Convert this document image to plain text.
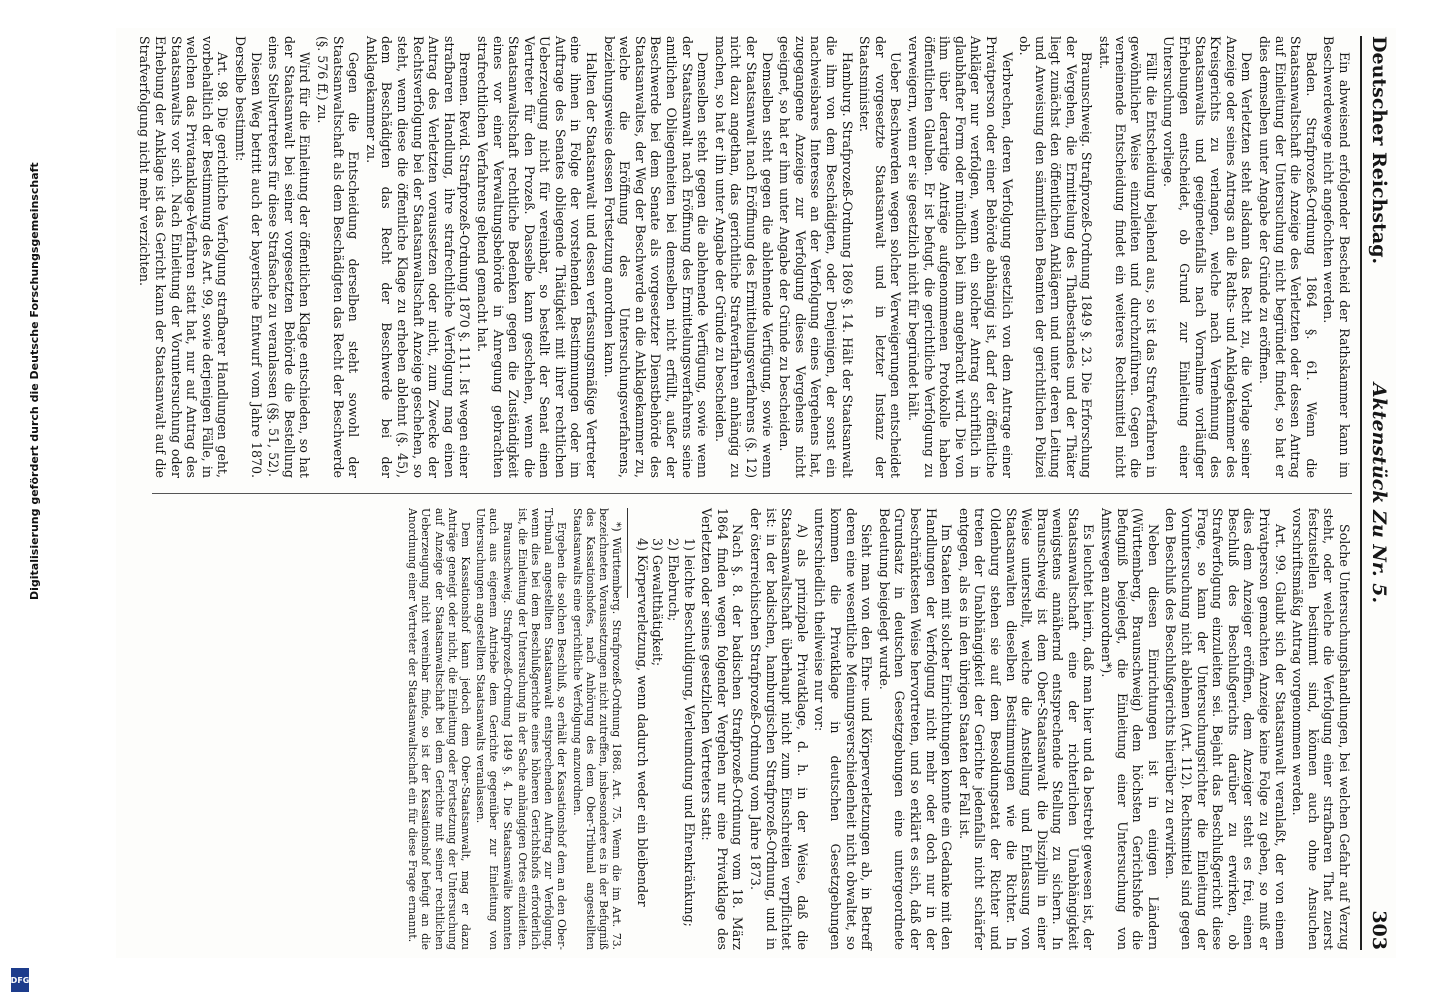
Deutscher Reichstag.
Aktenstück Zu Nr. 5.
303

Ein abweisend erfolgender Bescheid der Rathskammer kann im Beschwerdewege nicht angefochten werden.

Baden. Strafprozeß-Ordnung 1864 §. 61. Wenn die Staatsanwaltschaft die Anzeige des Verletzten oder dessen Antrag auf Einleitung der Untersuchung nicht begründet findet, so hat er dies demselben unter Angabe der Gründe zu eröffnen.

Dem Verletzten steht alsdann das Recht zu, die Vorlage seiner Anzeige oder seines Antrags an die Raths- und Anklagekammer des Kreisgerichts zu verlangen, welche nach Vernehmung des Staatsanwalts und geeignetenfalls nach Vornahme vorläufiger Erhebungen entscheidet, ob Grund zur Einleitung einer Untersuchung vorliege.

Fällt die Entscheidung bejahend aus, so ist das Strafverfahren in gewöhnlicher Weise einzuleiten und durchzuführen. Gegen die verneinende Entscheidung findet ein weiteres Rechtsmittel nicht statt.

Braunschweig. Strafprozeß-Ordnung 1849 §. 23. Die Erforschung der Vergehen, die Ermittelung des Thatbestandes und der Thäter liegt zunächst den öffentlichen Anklägern und unter deren Leitung und Anweisung den sämmtlichen Beamten der gerichtlichen Polizei ob.

Verbrechen, deren Verfolgung gesetzlich von dem Antrage einer Privatperson oder einer Behörde abhängig ist, darf der öffentliche Ankläger nur verfolgen, wenn ein solcher Antrag schriftlich in glaubhafter Form oder mündlich bei ihm angebracht wird. Die von ihm über derartige Anträge aufgenommenen Protokolle haben öffentlichen Glauben. Er ist befugt, die gerichtliche Verfolgung zu verweigern, wenn er sie gesetzlich nicht für begründet hält.

Ueber Beschwerden wegen solcher Verweigerungen entscheidet der vorgesetzte Staatsanwalt und in letzter Instanz der Staatsminister.

Hamburg. Strafprozeß-Ordnung 1869 §. 14. Hält der Staatsanwalt die ihm von dem Beschädigten, oder Denjenigen, der sonst ein nachweisbares Interesse an der Verfolgung eines Vergehens hat, zugegangene Anzeige zur Verfolgung dieses Vergehens nicht geeignet, so hat er ihm unter Angabe der Gründe zu bescheiden.

Demselben steht gegen die ablehnende Verfügung, sowie wenn der Staatsanwalt nach Eröffnung des Ermittelungsverfahrens (§. 12) nicht dazu angethan, das gerichtliche Strafverfahren anhängig zu machen, so hat er ihn unter Angabe der Gründe zu bescheiden.

Demselben steht gegen die ablehnende Verfügung, sowie wenn der Staatsanwalt nach Eröffnung des Ermittelungsverfahrens seine amtlichen Obliegenheiten bei demselben nicht erfüllt, außer der Beschwerde bei dem Senate als vorgesetzter Dienstbehörde des Staatsanwaltes, der Weg der Beschwerde an die Anklagekammer zu, welche die Eröffnung des Untersuchungsverfahrens, beziehungsweise dessen Fortsetzung anordnen kann.

Halten der Staatsanwalt und dessen verfassungsmäßige Vertreter eine ihnen in Folge der vorstehenden Bestimmungen oder im Auftrage des Senates obliegende Thätigkeit mit ihrer rechtlichen Ueberzeugung nicht für vereinbar, so bestellt der Senat einen Vertreter für den Prozeß. Dasselbe kann geschehen, wenn die Staatsanwaltschaft rechtliche Bedenken gegen die Zuständigkeit eines vor einer Verwaltungsbehörde in Anregung gebrachten strafrechtlichen Verfahrens geltend gemacht hat.

Bremen. Revid. Strafprozeß-Ordnung 1870 §. 111. Ist wegen einer strafbaren Handlung, ihre strafrechtliche Verfolgung mag einen Antrag des Verletzten voraussetzen oder nicht, zum Zwecke der Rechtsverfolgung bei der Staatsanwaltschaft Anzeige geschehen, so steht, wenn diese die öffentliche Klage zu erheben ablehnt (§. 45), dem Beschädigten das Recht der Beschwerde bei der Anklagekammer zu.

Gegen die Entscheidung derselben steht sowohl der Staatsanwaltschaft als dem Beschädigten das Recht der Beschwerde (§. 576 ff.) zu.

Wird für die Einleitung der öffentlichen Klage entschieden, so hat der Staatsanwalt bei seiner vorgesetzten Behörde die Bestellung eines Stellvertreters für diese Strafsache zu veranlassen (§§. 51, 52).

Diesen Weg betritt auch der bayerische Entwurf vom Jahre 1870. Derselbe bestimmt:

Art. 98. Die gerichtliche Verfolgung strafbarer Handlungen geht, vorbehaltlich der Bestimmung des Art. 99, sowie derjenigen Fälle, in welchen das Privatanklage-Verfahren statt hat, nur auf Antrag des Staatsanwalts vor sich. Nach Einleitung der Voruntersuchung oder Erhebung der Anklage ist das Gericht kann der Staatsanwalt auf die Strafverfolgung nicht mehr verzichten.

Solche Untersuchungshandlungen, bei welchen Gefahr auf Verzug steht, oder welche die Verfolgung einer strafbaren That zuerst festzustellen bestimmt sind, können auch ohne Ansuchen vorschriftsmäßig Antrag vorgenommen werden.

Art. 99. Glaubt sich der Staatsanwalt veranlaßt, der von einem Privatperson gemachten Anzeige keine Folge zu geben, so muß er dies dem Anzeiger eröffnen, dem Anzeiger steht es frei, einen Beschluß des Beschlußgerichts darüber zu erwirken, ob Strafverfolgung einzuleiten sei. Bejaht das Beschlußgericht diese Frage, so kann der Untersuchungsrichter die Einleitung der Voruntersuchung nicht ablehnen (Art. 112). Rechtsmittel sind gegen den Beschluß des Beschlußgerichts hierüber zu erwirken.

Neben diesen Einrichtungen ist in einigen Ländern (Württemberg, Braunschweig) dem höchsten Gerichtshofe die Befugniß beigelegt, die Einleitung einer Untersuchung von Amtswegen anzuordnen*).

Es leuchtet hierin, daß man hier und da bestrebt gewesen ist, der Staatsanwaltschaft eine der richterlichen Unabhängigkeit wenigstens annähernd entsprechende Stellung zu sichern. In Braunschweig ist dem Ober-Staatsanwalt die Disziplin in einer Weise unterstellt, welche die Anstellung und Entlassung von Staatsanwalten dieselben Bestimmungen wie die Richter. In Oldenburg stehen sie auf dem Besoldungsetat der Richter und treten der Unabhängigkeit der Gerichte jedenfalls nicht schärfer entgegen, als es in den übrigen Staaten der Fall ist.

Im Staaten mit solcher Einrichtungen konnte ein Gedanke mit den Handlungen der Verfolgung nicht mehr oder doch nur in der beschränktesten Weise hervortreten, und so erklärt es sich, daß der Grundsatz in deutschen Gesetzgebungen eine untergeordnete Bedeutung beigelegt wurde.

Sieht man von den Ehre- und Körperverletzungen ab, in Betreff deren eine wesentliche Meinungsverschiedenheit nicht obwaltet, so kommen die Privatklage in deutschen Gesetzgebungen unterschiedlich theilweise nur vor:

A) als prinzipale Privatklage, d. h. in der Weise, daß die Staatsanwaltschaft überhaupt nicht zum Einschreiten verpflichtet ist: in der badischen, hamburgischen Strafprozeß-Ordnung, und in der österreichischen Strafprozeß-Ordnung vom Jahre 1873.

Nach §. 8. der badischen Strafprozeß-Ordnung vom 18. März 1864 finden wegen folgender Vergehen nur eine Privatklage des Verletzten oder seines gesetzlichen Vertreters statt:

1) leichte Beschuldigung, Verleumdung und Ehrenkränkung;
2) Ehebruch;
3) Gewaltthätigkeit;
4) Körperverletzung, wenn dadurch weder ein bleibender

*) Württemberg. Strafprozeß-Ordnung 1868. Art. 75. Wenn die im Art. 73. bezeichneten Voraussetzungen nicht zutreffen, insbesondere es in der Befugniß des Kassationshofes, nach Anhörung des dem Ober-Tribunal angestellten Staatsanwalts eine gerichtliche Verfolgung anzuordnen.

Ergeben die solchen Beschluß, so erhält der Kassationshof dem an den Ober-Tribunal angestellten Staatsanwalt entsprechenden Auftrag zur Verfolgung, wenn dies bei dem Beschlußgerichte eines höheren Gerichtshofs erforderlich ist, die Einleitung der Untersuchung in der Sache anhängigen Ortes einzuleiten.

Braunschweig. Strafprozeß-Ordnung 1849 §. 4. Die Staatsanwälte konnten auch aus eigenem Antriebe dem Gerichte gegenüber zur Einleitung von Untersuchungen angestellten Staatsanwalts veranlassen.

Dem Kassationshof kann jedoch dem Ober-Staatsanwalt, mag er dazu Anträge geneigt oder nicht, die Einleitung oder Fortsetzung der Untersuchung auf Anzeige der Staatsanwaltschaft bei dem Gerichte mit seiner rechtlichen Ueberzeugung nicht vereinbar finde, so ist der Kassationshof befugt an die Anordnung einer Vertreter der Staatsanwaltschaft ein für diese Frage ernannt.

Digitalisierung gefördert durch die Deutsche Forschungsgemeinschaft
DFG
